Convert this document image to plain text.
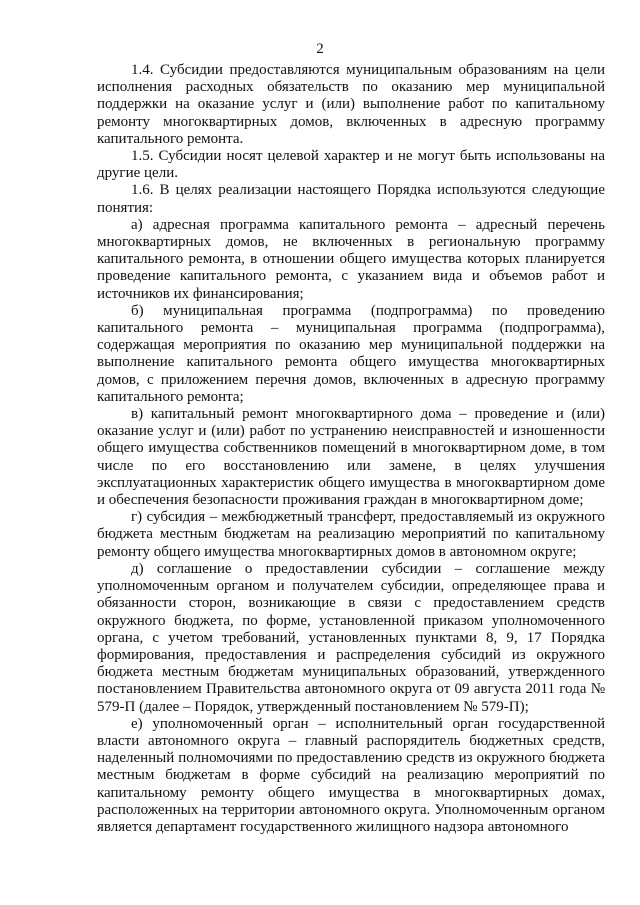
2

1.4. Субсидии предоставляются муниципальным образованиям на цели исполнения расходных обязательств по оказанию мер муниципальной поддержки на оказание услуг и (или) выполнение работ по капитальному ремонту многоквартирных домов, включенных в адресную программу капитального ремонта.

1.5. Субсидии носят целевой характер и не могут быть использованы на другие цели.

1.6. В целях реализации настоящего Порядка используются следующие понятия:

а) адресная программа капитального ремонта – адресный перечень многоквартирных домов, не включенных в региональную программу капитального ремонта, в отношении общего имущества которых планируется проведение капитального ремонта, с указанием вида и объемов работ и источников их финансирования;

б) муниципальная программа (подпрограмма) по проведению капитального ремонта – муниципальная программа (подпрограмма), содержащая мероприятия по оказанию мер муниципальной поддержки на выполнение капитального ремонта общего имущества многоквартирных домов, с приложением перечня домов, включенных в адресную программу капитального ремонта;

в) капитальный ремонт многоквартирного дома – проведение и (или) оказание услуг и (или) работ по устранению неисправностей и изношенности общего имущества собственников помещений в многоквартирном доме, в том числе по его восстановлению или замене, в целях улучшения эксплуатационных характеристик общего имущества в многоквартирном доме и обеспечения безопасности проживания граждан в многоквартирном доме;

г) субсидия – межбюджетный трансферт, предоставляемый из окружного бюджета местным бюджетам на реализацию мероприятий по капитальному ремонту общего имущества многоквартирных домов в автономном округе;

д) соглашение о предоставлении субсидии – соглашение между уполномоченным органом и получателем субсидии, определяющее права и обязанности сторон, возникающие в связи с предоставлением средств окружного бюджета, по форме, установленной приказом уполномоченного органа, с учетом требований, установленных пунктами 8, 9, 17 Порядка формирования, предоставления и распределения субсидий из окружного бюджета местным бюджетам муниципальных образований, утвержденного постановлением Правительства автономного округа от 09 августа 2011 года № 579-П (далее – Порядок, утвержденный постановлением № 579-П);

е) уполномоченный орган – исполнительный орган государственной власти автономного округа – главный распорядитель бюджетных средств, наделенный полномочиями по предоставлению средств из окружного бюджета местным бюджетам в форме субсидий на реализацию мероприятий по капитальному ремонту общего имущества в многоквартирных домах, расположенных на территории автономного округа. Уполномоченным органом является департамент государственного жилищного надзора автономного
